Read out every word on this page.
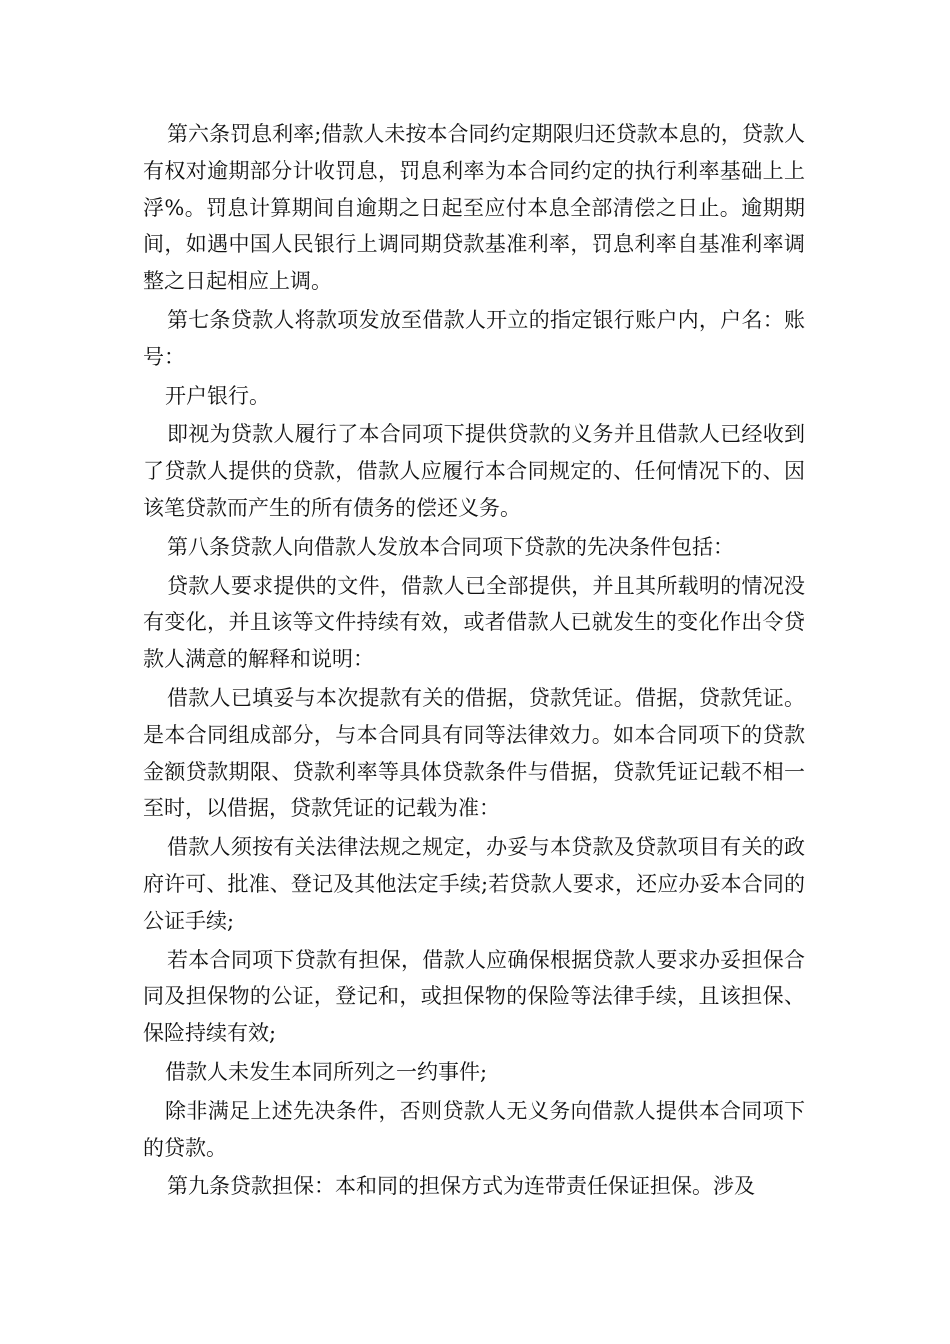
第六条罚息利率;借款人未按本合同约定期限归还贷款本息的，贷款人有权对逾期部分计收罚息，罚息利率为本合同约定的执行利率基础上上浮%。罚息计算期间自逾期之日起至应付本息全部清偿之日止。逾期期间，如遇中国人民银行上调同期贷款基准利率，罚息利率自基准利率调整之日起相应上调。

第七条贷款人将款项发放至借款人开立的指定银行账户内，户名：账号：

开户银行。

即视为贷款人履行了本合同项下提供贷款的义务并且借款人已经收到了贷款人提供的贷款，借款人应履行本合同规定的、任何情况下的、因该笔贷款而产生的所有债务的偿还义务。

第八条贷款人向借款人发放本合同项下贷款的先决条件包括：

贷款人要求提供的文件，借款人已全部提供，并且其所载明的情况没有变化，并且该等文件持续有效，或者借款人已就发生的变化作出令贷款人满意的解释和说明：

借款人已填妥与本次提款有关的借据，贷款凭证。借据，贷款凭证。是本合同组成部分，与本合同具有同等法律效力。如本合同项下的贷款金额贷款期限、贷款利率等具体贷款条件与借据，贷款凭证记载不相一至时，以借据，贷款凭证的记载为准：

借款人须按有关法律法规之规定，办妥与本贷款及贷款项目有关的政府许可、批准、登记及其他法定手续;若贷款人要求，还应办妥本合同的公证手续;

若本合同项下贷款有担保，借款人应确保根据贷款人要求办妥担保合同及担保物的公证，登记和，或担保物的保险等法律手续，且该担保、保险持续有效;

借款人未发生本同所列之一约事件;

除非满足上述先决条件，否则贷款人无义务向借款人提供本合同项下的贷款。

第九条贷款担保：本和同的担保方式为连带责任保证担保。涉及
